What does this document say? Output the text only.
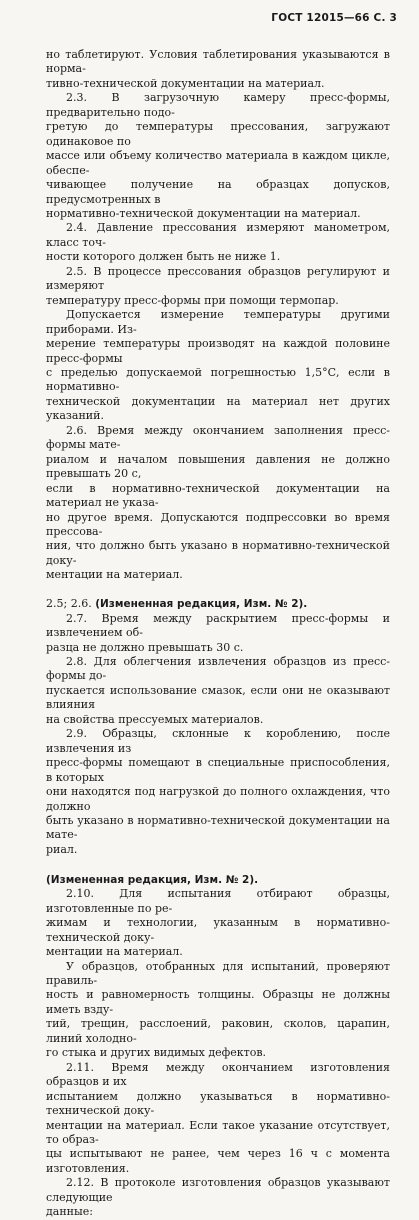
ГОСТ 12015—66 С. 3

но таблетируют. Условия таблетирования указываются в норма-
тивно-технической документации на материал.

2.3. В загрузочную камеру пресс-формы, предварительно подо-
гретую до температуры прессования, загружают одинаковое по
массе или объему количество материала в каждом цикле, обеспе-
чивающее получение на образцах допусков, предусмотренных в
нормативно-технической документации на материал.

2.4. Давление прессования измеряют манометром, класс точ-
ности которого должен быть не ниже 1.

2.5. В процессе прессования образцов регулируют и измеряют
температуру пресс-формы при помощи термопар.

Допускается измерение температуры другими приборами. Из-
мерение температуры производят на каждой половине пресс-формы
с пределью допускаемой погрешностью 1,5°С, если в нормативно-
технической документации на материал нет других указаний.

2.6. Время между окончанием заполнения пресс-формы мате-
риалом и началом повышения давления не должно превышать 20 с,
если в нормативно-технической документации на материал не указа-
но другое время. Допускаются подпрессовки во время прессова-
ния, что должно быть указано в нормативно-технической доку-
ментации на материал.

2.5; 2.6. (Измененная редакция, Изм. № 2).

2.7. Время между раскрытием пресс-формы и извлечением об-
разца не должно превышать 30 с.

2.8. Для облегчения извлечения образцов из пресс-формы до-
пускается использование смазок, если они не оказывают влияния
на свойства прессуемых материалов.

2.9. Образцы, склонные к короблению, после извлечения из
пресс-формы помещают в специальные приспособления, в которых
они находятся под нагрузкой до полного охлаждения, что должно
быть указано в нормативно-технической документации на мате-
риал.

(Измененная редакция, Изм. № 2).

2.10. Для испытания отбирают образцы, изготовленные по ре-
жимам и технологии, указанным в нормативно-технической доку-
ментации на материал.

У образцов, отобранных для испытаний, проверяют правиль-
ность и равномерность толщины. Образцы не должны иметь взду-
тий, трещин, расслоений, раковин, сколов, царапин, линий холодно-
го стыка и других видимых дефектов.

2.11. Время между окончанием изготовления образцов и их
испытанием должно указываться в нормативно-технической доку-
ментации на материал. Если такое указание отсутствует, то образ-
цы испытывают не ранее, чем через 16 ч с момента изготовления.

2.12. В протоколе изготовления образцов указывают следующие
данные:
